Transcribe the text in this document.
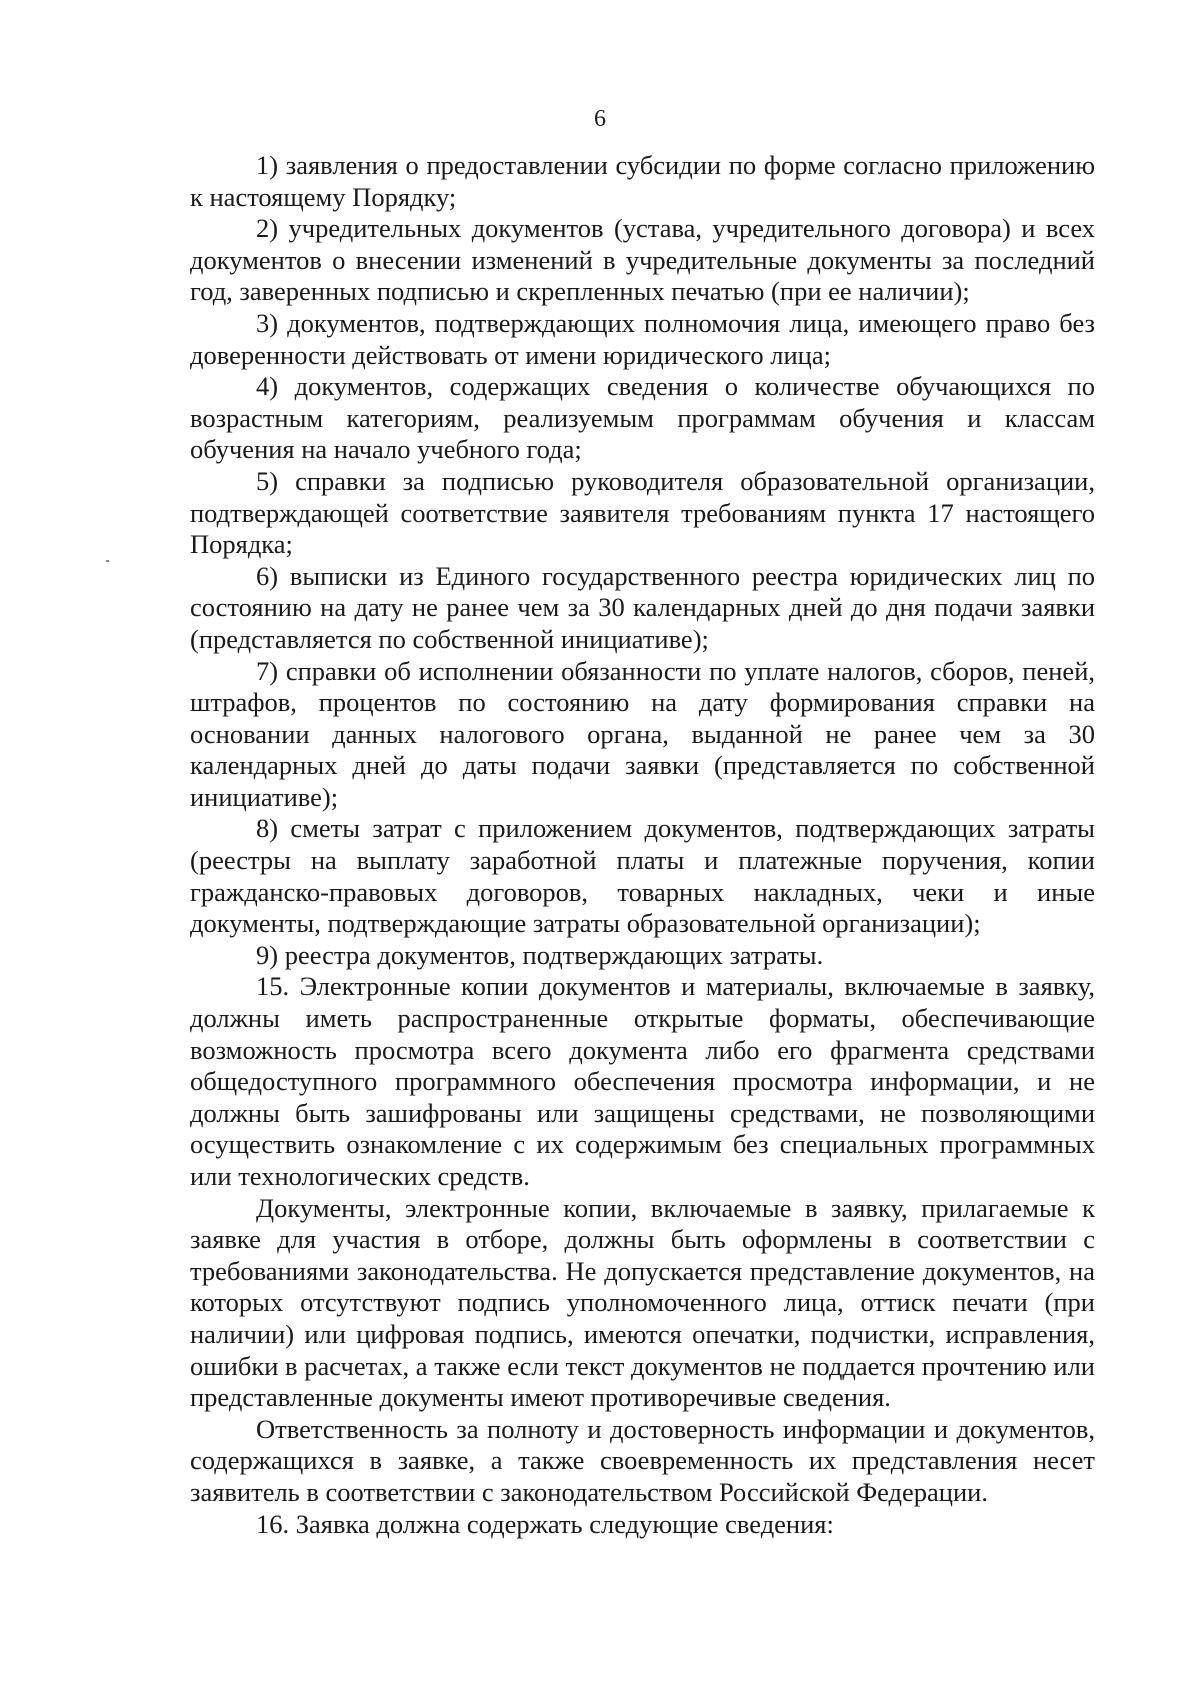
6

1) заявления о предоставлении субсидии по форме согласно приложению к настоящему Порядку;

2) учредительных документов (устава, учредительного договора) и всех документов о внесении изменений в учредительные документы за последний год, заверенных подписью и скрепленных печатью (при ее наличии);

3) документов, подтверждающих полномочия лица, имеющего право без доверенности действовать от имени юридического лица;

4) документов, содержащих сведения о количестве обучающихся по возрастным категориям, реализуемым программам обучения и классам обучения на начало учебного года;

5) справки за подписью руководителя образовательной организации, подтверждающей соответствие заявителя требованиям пункта 17 настоящего Порядка;

6) выписки из Единого государственного реестра юридических лиц по состоянию на дату не ранее чем за 30 календарных дней до дня подачи заявки (представляется по собственной инициативе);

7) справки об исполнении обязанности по уплате налогов, сборов, пеней, штрафов, процентов по состоянию на дату формирования справки на основании данных налогового органа, выданной не ранее чем за 30 календарных дней до даты подачи заявки (представляется по собственной инициативе);

8) сметы затрат с приложением документов, подтверждающих затраты (реестры на выплату заработной платы и платежные поручения, копии гражданско-правовых договоров, товарных накладных, чеки и иные документы, подтверждающие затраты образовательной организации);

9) реестра документов, подтверждающих затраты.

15. Электронные копии документов и материалы, включаемые в заявку, должны иметь распространенные открытые форматы, обеспечивающие возможность просмотра всего документа либо его фрагмента средствами общедоступного программного обеспечения просмотра информации, и не должны быть зашифрованы или защищены средствами, не позволяющими осуществить ознакомление с их содержимым без специальных программных или технологических средств.

Документы, электронные копии, включаемые в заявку, прилагаемые к заявке для участия в отборе, должны быть оформлены в соответствии с требованиями законодательства. Не допускается представление документов, на которых отсутствуют подпись уполномоченного лица, оттиск печати (при наличии) или цифровая подпись, имеются опечатки, подчистки, исправления, ошибки в расчетах, а также если текст документов не поддается прочтению или представленные документы имеют противоречивые сведения.

Ответственность за полноту и достоверность информации и документов, содержащихся в заявке, а также своевременность их представления несет заявитель в соответствии с законодательством Российской Федерации.

16. Заявка должна содержать следующие сведения:
